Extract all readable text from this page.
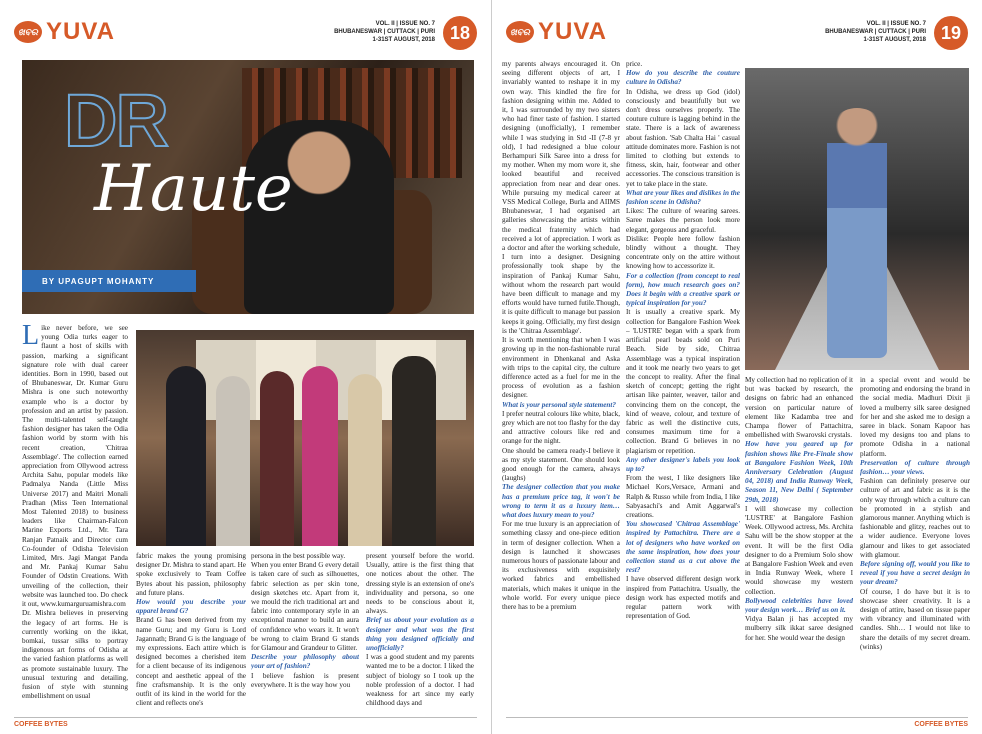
ଖବର YUVA	VOL. II | ISSUE NO. 7
BHUBANESWAR | CUTTACK | PURI
1-31ST AUGUST, 2018 18
DR
Haute
BY UPAGUPT MOHANTY

Like never before, we see young Odia turks eager to flaunt a host of skills with passion, marking a significant signature role with dual career identities. Born in 1990, based out of Bhubaneswar, Dr. Kumar Guru Mishra is one such noteworthy example who is a doctor by profession and an artist by passion. The multi-talented self-taught fashion designer has taken the Odia fashion world by storm with his recent creation, 'Chitraa Assemblage'. The collection earned appreciation from Ollywood actress Archita Sahu, popular models like Padmalya Nanda (Little Miss Universe 2017) and Maitri Monali Pradhan (Miss Teen International Most Talented 2018) to business leaders like Chairman-Falcon Marine Exports Ltd., Mr. Tara Ranjan Patnaik and Director cum Co-founder of Odisha Television Limited, Mrs. Jagi Mangat Panda and Mr. Pankaj Kumar Sahu Founder of Odstin Creations. With unveiling of the collection, their website was launched too. Do check it out, www.kumarguruamishra.com

Dr. Mishra believes in preserving the legacy of art forms. He is currently working on the ikkat, bomkai, tussar silks to portray indigenous art forms of Odisha at the varied fashion platforms as well as promote sustainable luxury. The unusual texturing and detailing, fusion of style with stunning embellishment on usual

fabric makes the young promising designer Dr. Mishra to stand apart. He spoke exclusively to Team Coffee Bytes about his passion, philosophy and future plans.

How would you describe your apparel brand G?

Brand G has been derived from my name Guru; and my Guru is Lord Jagannath; Brand G is the language of my expressions. Each attire which is designed becomes a cherished item for a client because of its indigenous concept and aesthetic appeal of the fine craftsmanship. It is the only outfit of its kind in the world for the client and reflects one's

persona in the best possible way.

When you enter Brand G every detail is taken care of such as silhouettes, fabric selection as per skin tone, design sketches etc. Apart from it, we mould the rich traditional art and fabric into contemporary style in an exceptional manner to build an aura of confidence who wears it. It won't be wrong to claim Brand G stands for Glamour and Grandeur to Glitter.

Describe your philosophy about your art of fashion?

I believe fashion is present everywhere. It is the way how you

present yourself before the world. Usually, attire is the first thing that one notices about the other. The dressing style is an extension of one's individuality and persona, so one needs to be conscious about it, always.

Brief us about your evolution as a designer and what was the first thing you designed officially and unofficially?

I was a good student and my parents wanted me to be a doctor. I liked the subject of biology so I took up the noble profession of a doctor. I had weakness for art since my early childhood days and

COFFEE BYTES
ଖବର YUVA	VOL. II | ISSUE NO. 7
BHUBANESWAR | CUTTACK | PURI
1-31ST AUGUST, 2018 19

my parents always encouraged it. On seeing different objects of art, I invariably wanted to reshape it in my own way. This kindled the fire for fashion designing within me. Added to it, I was surrounded by my two sisters who had finer taste of fashion. I started designing (unofficially), I remember while I was studying in Std -II (7-8 yr old), I had redesigned a blue colour Berhampuri Silk Saree into a dress for my mother. When my mom wore it, she looked beautiful and received appreciation from near and dear ones. While pursuing my medical career at VSS Medical College, Burla and AIIMS Bhubaneswar, I had organised art galleries showcasing the artists within the medical fraternity which had received a lot of appreciation. I work as a doctor and after the working schedule, I turn into a designer. Designing professionally took shape by the inspiration of Pankaj Kumar Sahu, without whom the research part would have been difficult to manage and my efforts would have turned futile.Though, it is quite difficult to manage but passion keeps it going. Officially, my first design is the 'Chitraa Assemblage'.

It is worth mentioning that when I was growing up in the non-fashionable rural environment in Dhenkanal and Aska with trips to the capital city, the culture difference acted as a fuel for me in the process of evolution as a fashion designer.

What is your personal style statement?

I prefer neutral colours like white, black, grey which are not too flashy for the day and attractive colours like red and orange for the night.

One should be camera ready-I believe it as my style statement. One should look good enough for the camera, always (laughs)

The designer collection that you make has a premium price tag, it won't be wrong to term it as a luxury item…what does luxury mean to you?

For me true luxury is an appreciation of something classy and one-piece edition in term of designer collection. When a design is launched it showcases numerous hours of passionate labour and its exclusiveness with exquisitely worked fabrics and embellished materials, which makes it unique in the whole world. For every unique piece there has to be a premium

price.

How do you describe the couture culture in Odisha?

In Odisha, we dress up God (idol) consciously and beautifully but we don't dress ourselves properly. The couture culture is lagging behind in the state. There is a lack of awareness about fashion. 'Sab Chalta Hai ' casual attitude dominates more. Fashion is not limited to clothing but extends to fitness, skin, hair, footwear and other accessories. The conscious transition is yet to take place in the state.

What are your likes and dislikes in the fashion scene in Odisha?

Likes: The culture of wearing sarees. Saree makes the person look more elegant, gorgeous and graceful.

Dislike: People here follow fashion blindly without a thought. They concentrate only on the attire without knowing how to accessorize it.

For a collection (from concept to real form), how much research goes on? Does it begin with a creative spark or typical inspiration for you?

It is usually a creative spark. My collection for Bangalore Fashion Week – 'LUSTRE' began with a spark from artificial pearl beads sold on Puri Beach. Side by side, Chitraa Assemblage was a typical inspiration and it took me nearly two years to get the concept to reality. After the final sketch of concept; getting the right artisan like painter, weaver, tailor and convincing them on the concept, the kind of weave, colour, and texture of fabric as well the distinctive cuts, consumes maximum time for a collection. Brand G believes in no plagiarism or repetition.

Any other designer's labels you look up to?

From the west, I like designers like Michael Kors,Versace, Armani and Ralph & Russo while from India, I like Sabyasachi's and Amit Aggarwal's creations.

You showcased 'Chitraa Assemblage' inspired by Pattachitra. There are a lot of designers who have worked on the same inspiration, how does your collection stand as a cut above the rest?

I have observed different design work inspired from Pattachitra. Usually, the design work has expected motifs and regular pattern work with representation of God.

My collection had no replication of it but was backed by research, the designs on fabric had an enhanced version on particular nature of element like Kadamba tree and Champa flower of Pattachitra, embellished with Swarovski crystals.

How have you geared up for fashion shows like Pre-Finale show at Bangalore Fashion Week, 10th Anniversary Celebration (August 04, 2018) and India Runway Week, Season 11, New Delhi ( September 29th, 2018)

I will showcase my collection 'LUSTRE' at Bangalore Fashion Week. Ollywood actress, Ms. Archita Sahu will be the show stopper at the event. It will be the first Odia designer to do a Premium Solo show at Bangalore Fashion Week and even in India Runway Week, where I would showcase my western collection.

Bollywood celebrities have loved your design work… Brief us on it.

Vidya Balan ji has accepted my mulberry silk ikkat saree designed for her. She would wear the design

in a special event and would be promoting and endorsing the brand in the social media. Madhuri Dixit ji loved a mulberry silk saree designed for her and she asked me to design a saree in black. Sonam Kapoor has loved my designs too and plans to promote Odisha in a national platform.

Preservation of culture through fashion… your views.

Fashion can definitely preserve our culture of art and fabric as it is the only way through which a culture can be promoted in a stylish and glamorous manner. Anything which is fashionable and glitzy, reaches out to a wider audience. Everyone loves glamour and likes to get associated with glamour.

Before signing off, would you like to reveal if you have a secret design in your dream?

Of course, I do have but it is to showcase sheer creativity. It is a design of attire, based on tissue paper with vibrancy and illuminated with candles. Shh… I would not like to share the details of my secret dream. (winks)

COFFEE BYTES
